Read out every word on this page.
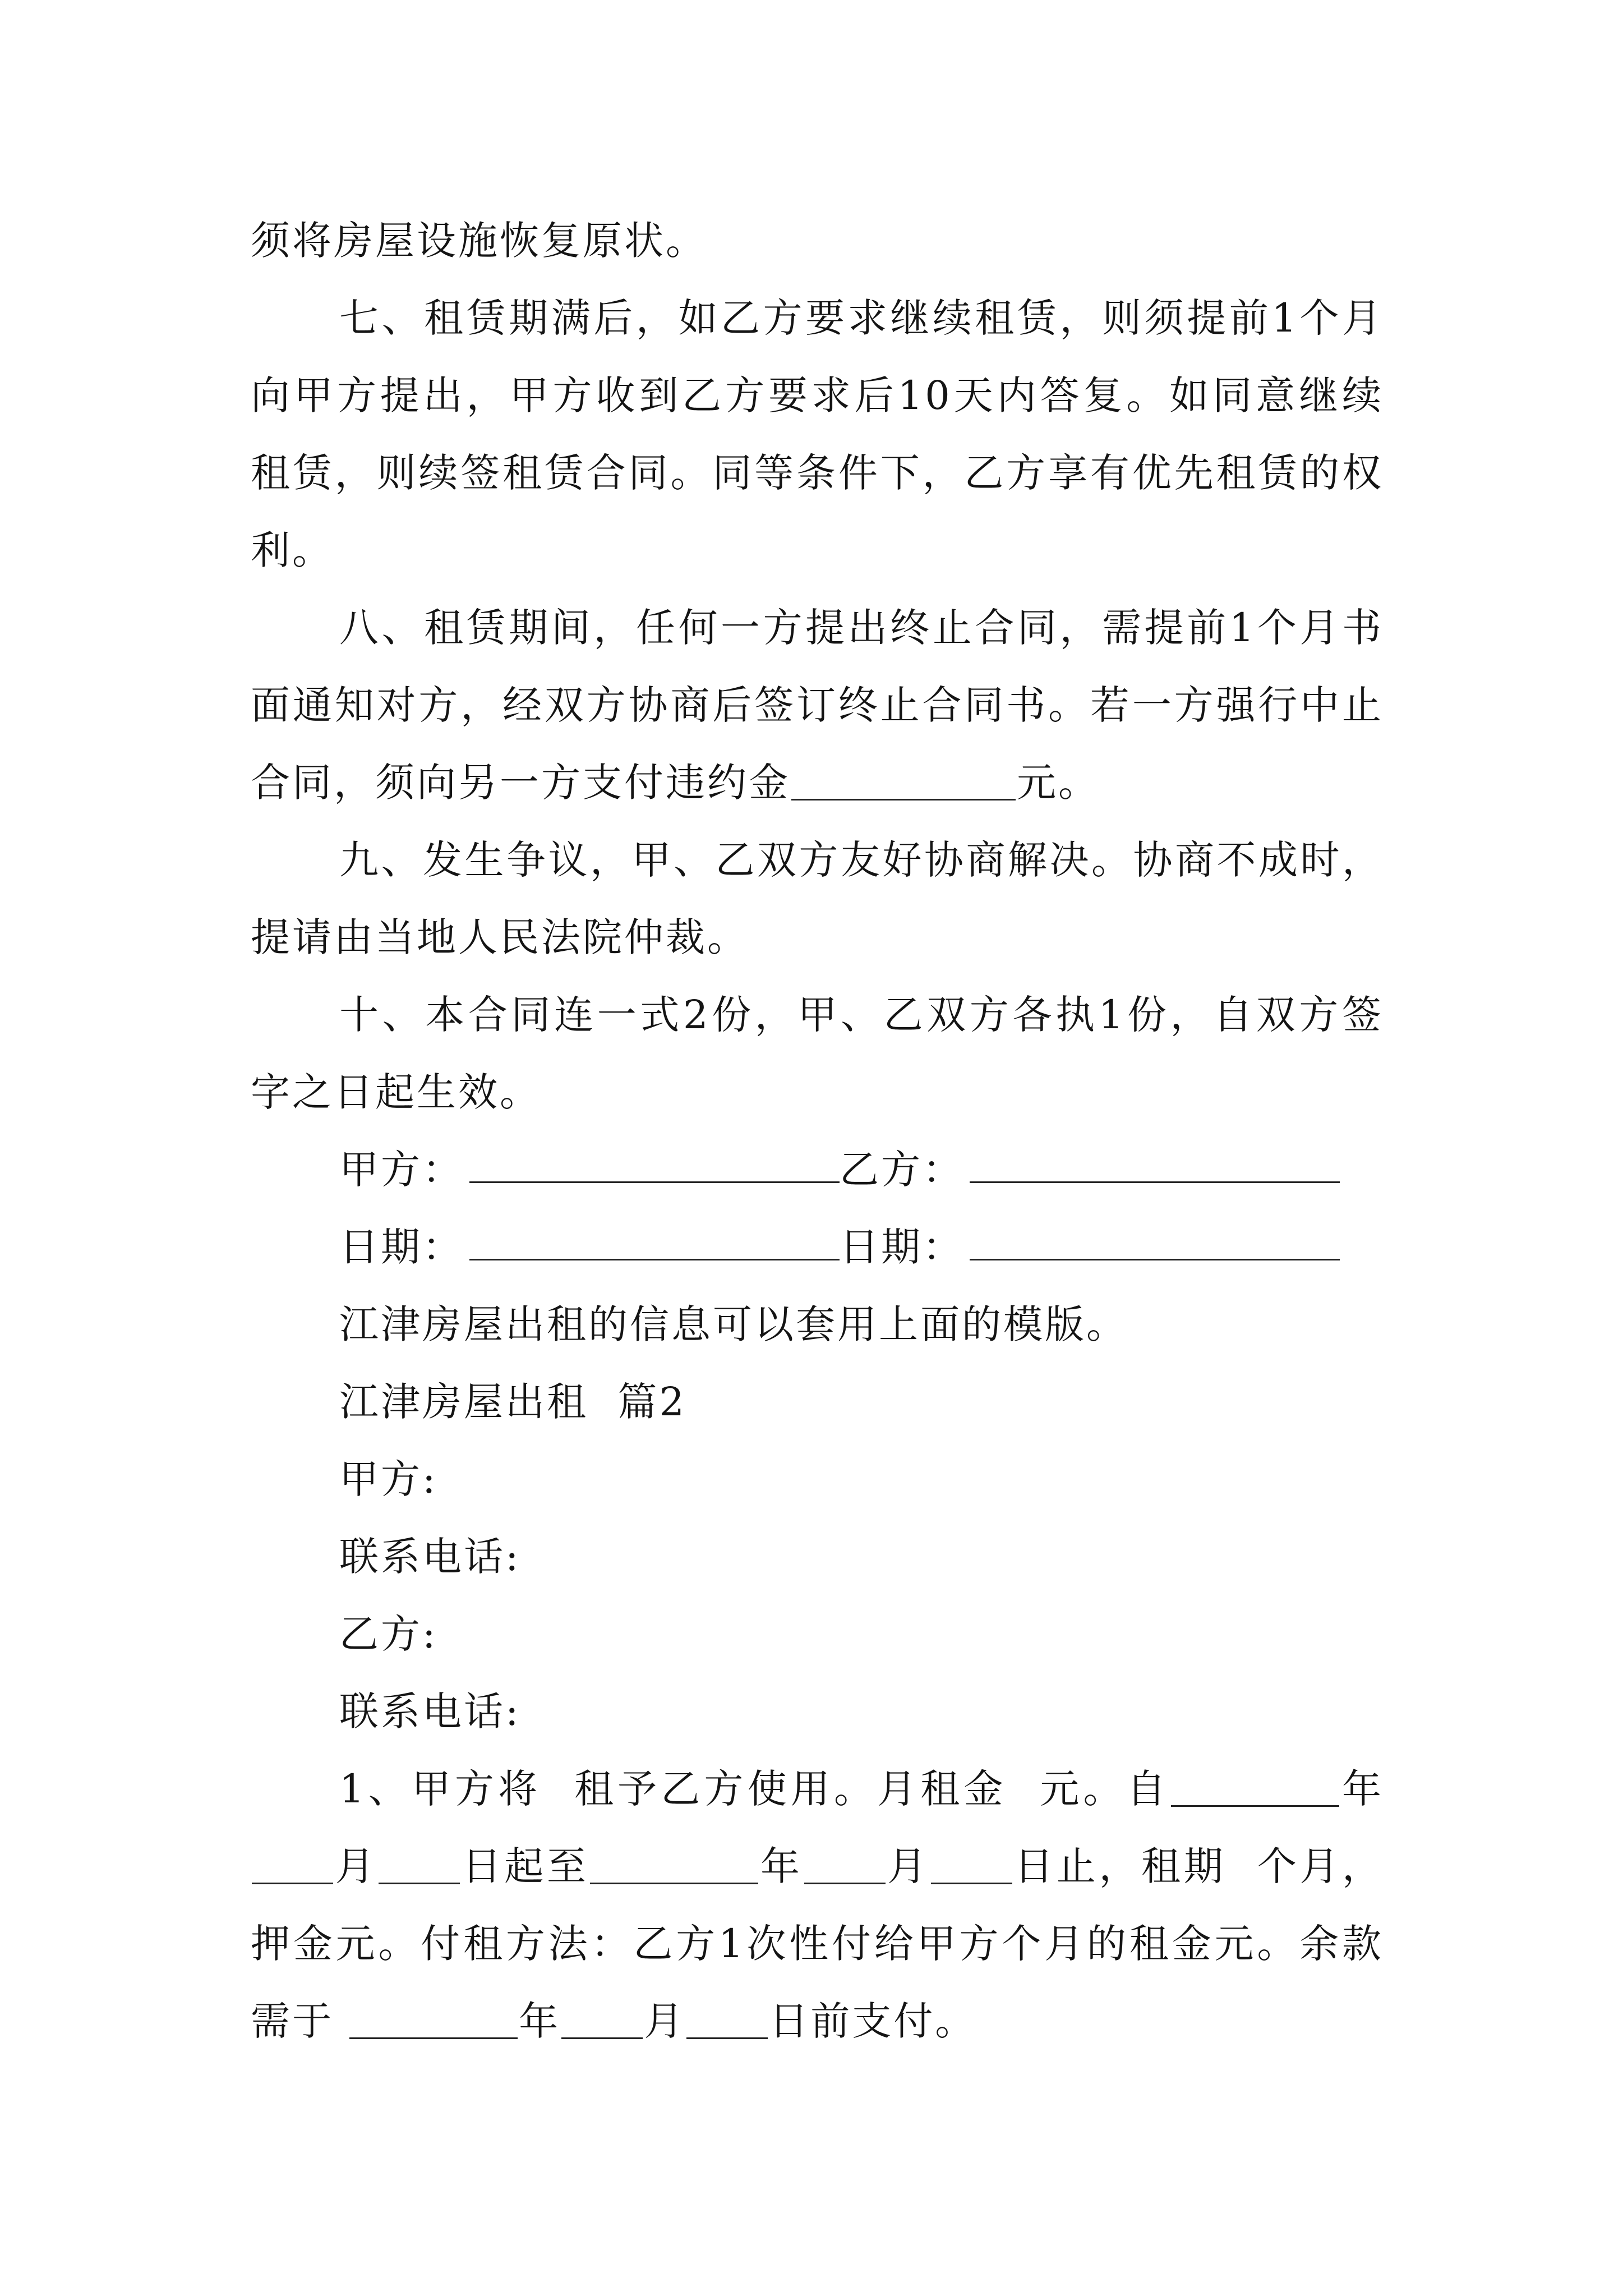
须将房屋设施恢复原状。

七、租赁期满后，如乙方要求继续租赁，则须提前1个月向甲方提出，甲方收到乙方要求后10天内答复。如同意继续租赁，则续签租赁合同。同等条件下，乙方享有优先租赁的权利。

八、租赁期间，任何一方提出终止合同，需提前1个月书面通知对方，经双方协商后签订终止合同书。若一方强行中止合同，须向另一方支付违约金	元。

九、发生争议，甲、乙双方友好协商解决。协商不成时，提请由当地人民法院仲裁。

十、本合同连一式2份，甲、乙双方各执1份，自双方签字之日起生效。

甲方：	乙方：
日期：	日期：

江津房屋出租的信息可以套用上面的模版。

江津房屋出租  篇2

甲方:

联系电话:

乙方:

联系电话:

1、甲方将  租予乙方使用。月租金  元。自	年月 日起至	年 月 日止，租期  个月，押金元。付租方法：乙方1次性付给甲方个月的租金元。余款需于	年 月 日前支付。
